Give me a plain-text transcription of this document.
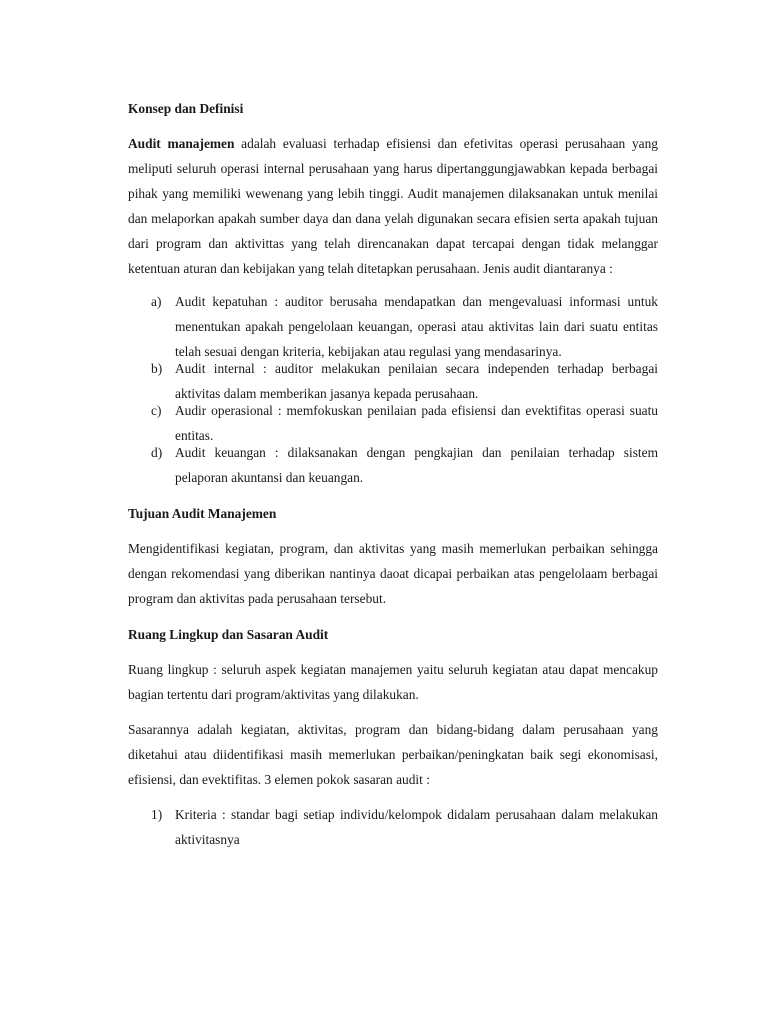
Konsep dan Definisi

Audit manajemen adalah evaluasi terhadap efisiensi dan efetivitas operasi perusahaan yang meliputi seluruh operasi internal perusahaan yang harus dipertanggungjawabkan kepada berbagai pihak yang memiliki wewenang yang lebih tinggi. Audit manajemen dilaksanakan untuk menilai dan melaporkan apakah sumber daya dan dana yelah digunakan secara efisien serta apakah tujuan dari program dan aktivittas yang telah direncanakan dapat tercapai dengan tidak melanggar ketentuan aturan dan kebijakan yang telah ditetapkan perusahaan. Jenis audit diantaranya :

a) Audit kepatuhan : auditor berusaha mendapatkan dan mengevaluasi informasi untuk menentukan apakah pengelolaan keuangan, operasi atau aktivitas lain dari suatu entitas telah sesuai dengan kriteria, kebijakan atau regulasi yang mendasarinya.
b) Audit internal : auditor melakukan penilaian secara independen terhadap berbagai aktivitas dalam memberikan jasanya kepada perusahaan.
c) Audir operasional : memfokuskan penilaian pada efisiensi dan evektifitas operasi suatu entitas.
d) Audit keuangan : dilaksanakan dengan pengkajian dan penilaian terhadap sistem pelaporan akuntansi dan keuangan.

Tujuan Audit Manajemen

Mengidentifikasi kegiatan, program, dan aktivitas yang masih memerlukan perbaikan sehingga dengan rekomendasi yang diberikan nantinya daoat dicapai perbaikan atas pengelolaam berbagai program dan aktivitas pada perusahaan tersebut.

Ruang Lingkup dan Sasaran Audit

Ruang lingkup : seluruh aspek kegiatan manajemen yaitu seluruh kegiatan atau dapat mencakup bagian tertentu dari program/aktivitas yang dilakukan.

Sasarannya adalah kegiatan, aktivitas, program dan bidang-bidang dalam perusahaan yang diketahui atau diidentifikasi masih memerlukan perbaikan/peningkatan baik segi ekonomisasi, efisiensi, dan evektifitas. 3 elemen pokok sasaran audit :

1) Kriteria : standar bagi setiap individu/kelompok didalam perusahaan dalam melakukan aktivitasnya
